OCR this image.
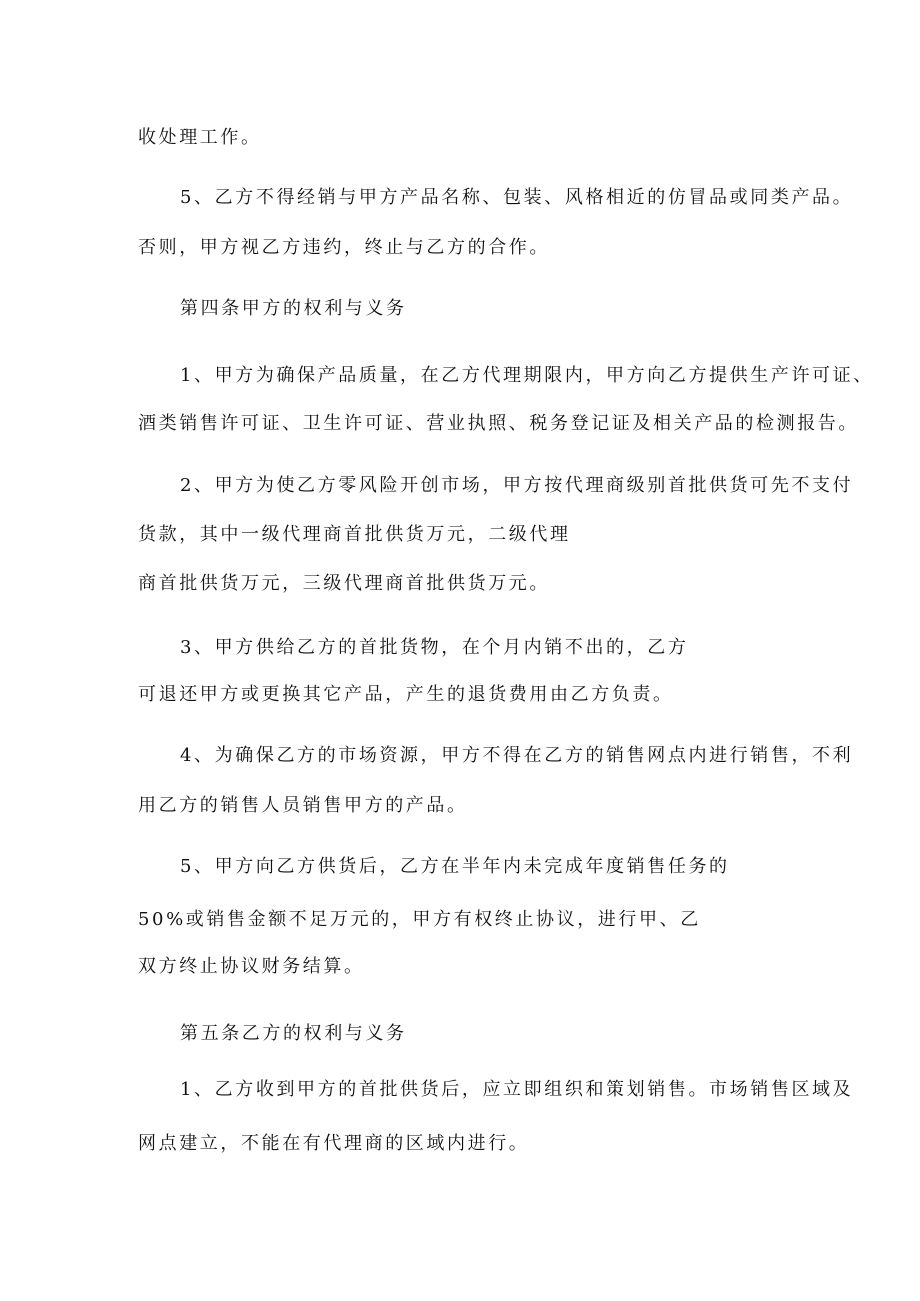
收处理工作。

5、乙方不得经销与甲方产品名称、包装、风格相近的仿冒品或同类产品。

否则，甲方视乙方违约，终止与乙方的合作。

第四条甲方的权利与义务

1、甲方为确保产品质量，在乙方代理期限内，甲方向乙方提供生产许可证、

酒类销售许可证、卫生许可证、营业执照、税务登记证及相关产品的检测报告。

2、甲方为使乙方零风险开创市场，甲方按代理商级别首批供货可先不支付

货款，其中一级代理商首批供货万元，二级代理

商首批供货万元，三级代理商首批供货万元。

3、甲方供给乙方的首批货物，在个月内销不出的，乙方

可退还甲方或更换其它产品，产生的退货费用由乙方负责。

4、为确保乙方的市场资源，甲方不得在乙方的销售网点内进行销售，不利

用乙方的销售人员销售甲方的产品。

5、甲方向乙方供货后，乙方在半年内未完成年度销售任务的

50%或销售金额不足万元的，甲方有权终止协议，进行甲、乙

双方终止协议财务结算。

第五条乙方的权利与义务

1、乙方收到甲方的首批供货后，应立即组织和策划销售。市场销售区域及

网点建立，不能在有代理商的区域内进行。
